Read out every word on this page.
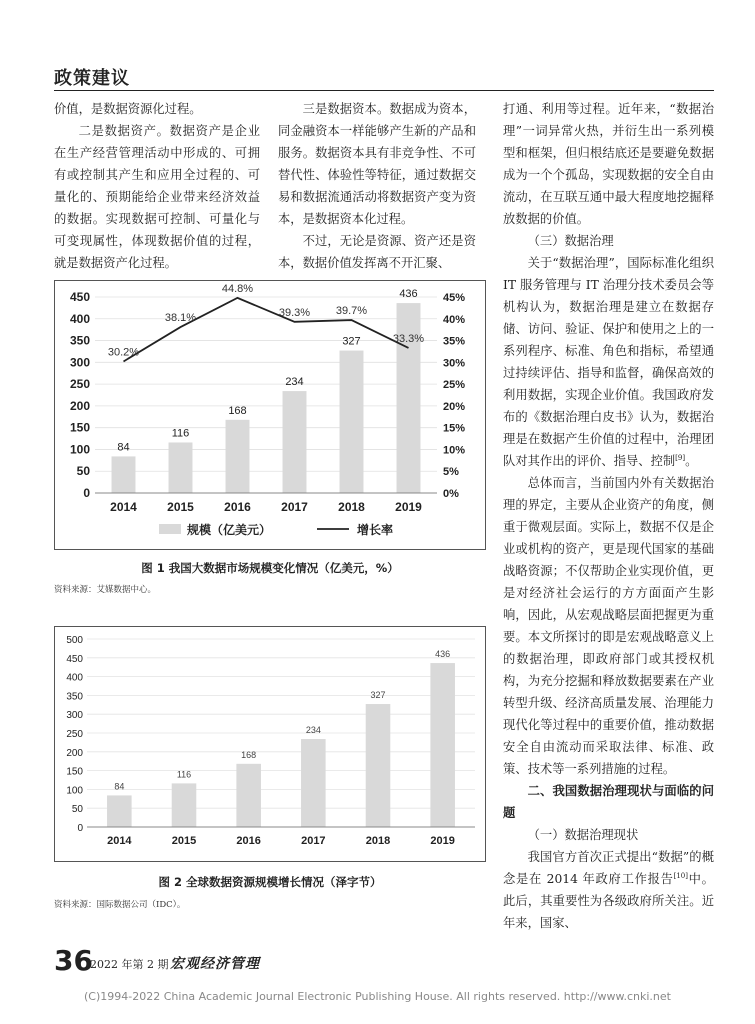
政策建议

价值，是数据资源化过程。

二是数据资产。数据资产是企业在生产经营管理活动中形成的、可拥有或控制其产生和应用全过程的、可量化的、预期能给企业带来经济效益的数据。实现数据可控制、可量化与可变现属性，体现数据价值的过程，就是数据资产化过程。

三是数据资本。数据成为资本，同金融资本一样能够产生新的产品和服务。数据资本具有非竞争性、不可替代性、体验性等特征，通过数据交易和数据流通活动将数据资产变为资本，是数据资本化过程。

不过，无论是资源、资产还是资本，数据价值发挥离不开汇聚、

打通、利用等过程。近年来，“数据治理”一词异常火热，并衍生出一系列模型和框架，但归根结底还是要避免数据成为一个个孤岛，实现数据的安全自由流动，在互联互通中最大程度地挖掘释放数据的价值。

（三）数据治理

关于“数据治理”，国际标准化组织 IT 服务管理与 IT 治理分技术委员会等机构认为，数据治理是建立在数据存储、访问、验证、保护和使用之上的一系列程序、标准、角色和指标，希望通过持续评估、指导和监督，确保高效的利用数据，实现企业价值。我国政府发布的《数据治理白皮书》认为，数据治理是在数据产生价值的过程中，治理团队对其作出的评价、指导、控制[9]。

总体而言，当前国内外有关数据治理的界定，主要从企业资产的角度，侧重于微观层面。实际上，数据不仅是企业或机构的资产，更是现代国家的基础战略资源；不仅帮助企业实现价值，更是对经济社会运行的方方面面产生影响，因此，从宏观战略层面把握更为重要。本文所探讨的即是宏观战略意义上的数据治理，即政府部门或其授权机构，为充分挖掘和释放数据要素在产业转型升级、经济高质量发展、治理能力现代化等过程中的重要价值，推动数据安全自由流动而采取法律、标准、政策、技术等一系列措施的过程。

二、我国数据治理现状与面临的问题

（一）数据治理现状

我国官方首次正式提出“数据”的概念是在 2014 年政府工作报告[10]中。此后，其重要性为各级政府所关注。近年来，国家、

0
50
100
150
200
250
300
350
400
450
0%
5%
10%
15%
20%
25%
30%
35%
40%
45%
84
2014
116
2015
168
2016
234
2017
327
2018
436
2019
30.2%
38.1%
44.8%
39.3% 39.7%
33.3%
规模（亿美元）	增长率
图 1 我国大数据市场规模变化情况（亿美元，%）
资料来源：艾媒数据中心。
0
50
100
150
200
250
300
350
400
450
500
84
2014
116
2015
168
2016
234
2017
327
2018
436
2019
图 2 全球数据资源规模增长情况（泽字节）
资料来源：国际数据公司（IDC）。
36
2022 年第 2 期 宏观经济管理
(C)1994-2022 China Academic Journal Electronic Publishing House. All rights reserved. http://www.cnki.net
